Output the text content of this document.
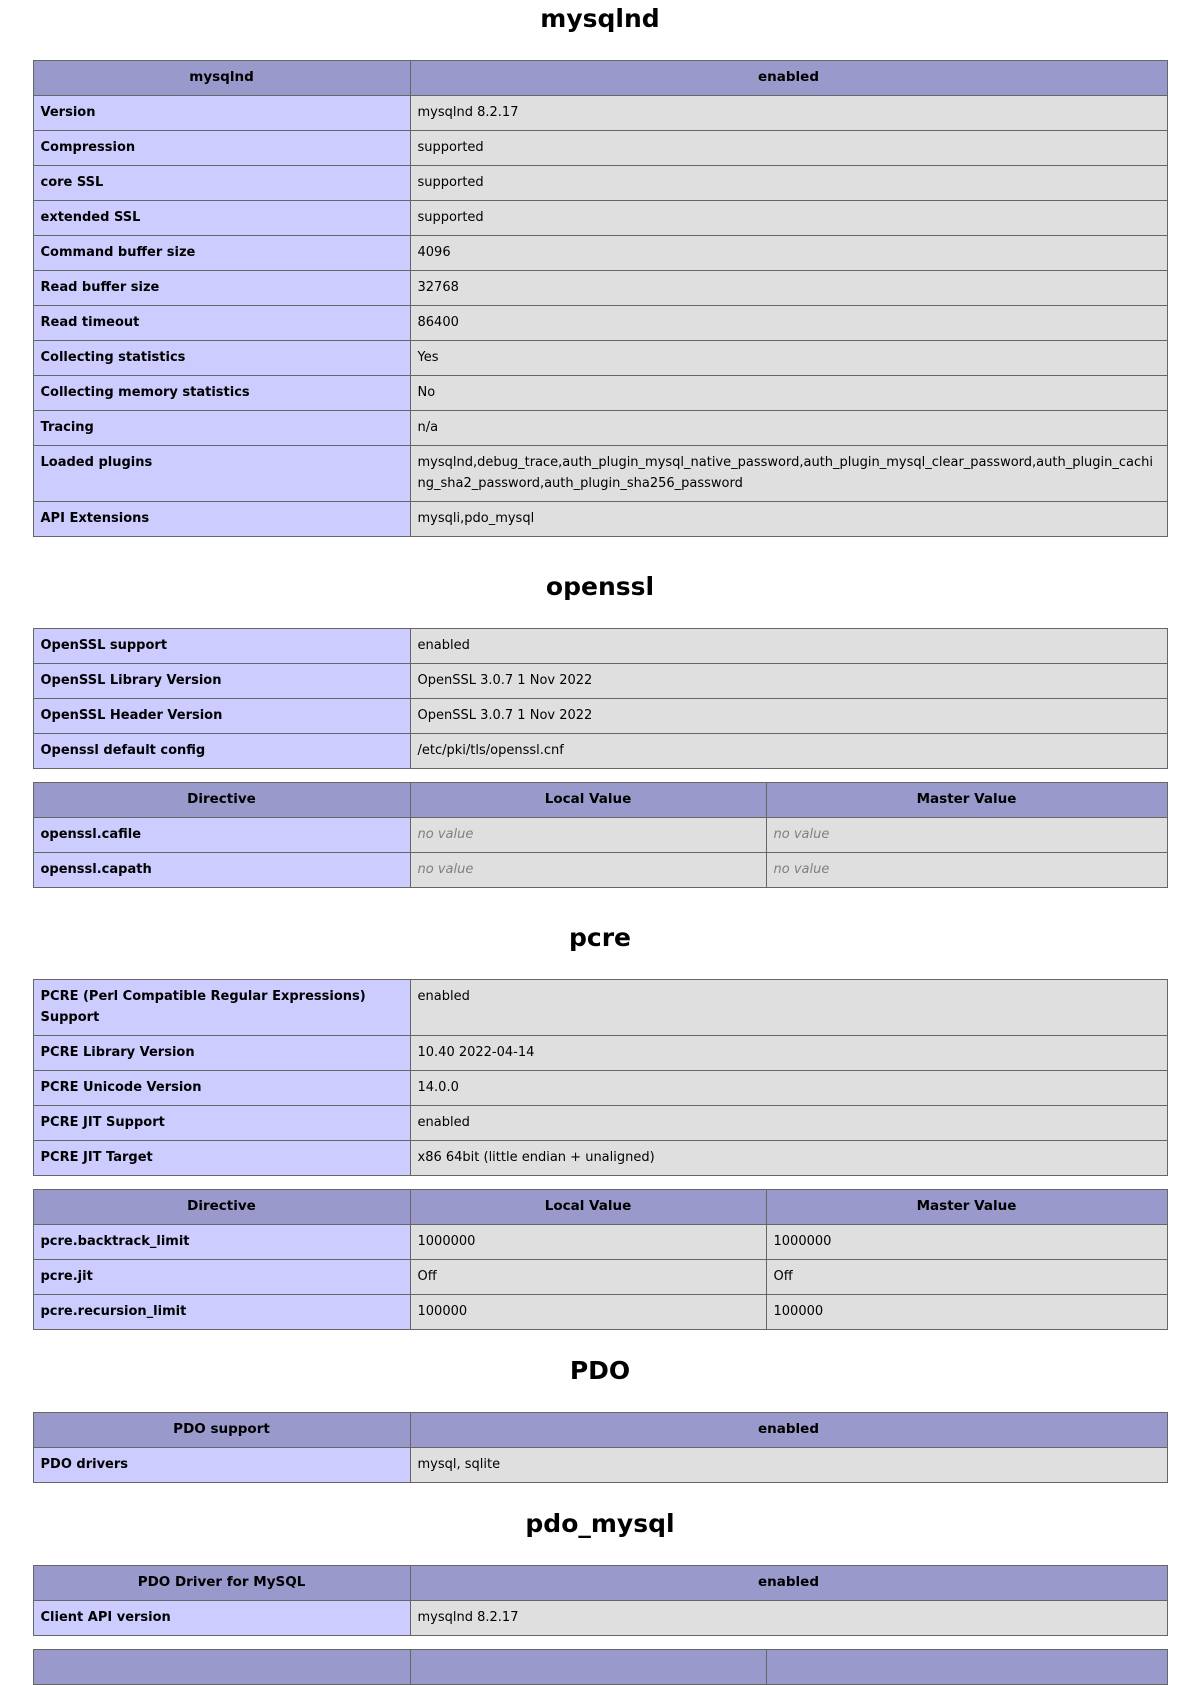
mysqlnd
mysqlnd	enabled
Version	mysqlnd 8.2.17
Compression	supported
core SSL	supported
extended SSL	supported
Command buffer size	4096
Read buffer size	32768
Read timeout	86400
Collecting statistics	Yes
Collecting memory statistics	No
Tracing	n/a
Loaded plugins	mysqlnd,debug_trace,auth_plugin_mysql_native_password,auth_plugin_mysql_clear_password,auth_plugin_caching_sha2_password,auth_plugin_sha256_password
API Extensions	mysqli,pdo_mysql
openssl
OpenSSL support	enabled
OpenSSL Library Version	OpenSSL 3.0.7 1 Nov 2022
OpenSSL Header Version	OpenSSL 3.0.7 1 Nov 2022
Openssl default config	/etc/pki/tls/openssl.cnf
Directive	Local Value	Master Value
openssl.cafile	no value	no value
openssl.capath	no value	no value
pcre
PCRE (Perl Compatible Regular Expressions) Support	enabled
PCRE Library Version	10.40 2022-04-14
PCRE Unicode Version	14.0.0
PCRE JIT Support	enabled
PCRE JIT Target	x86 64bit (little endian + unaligned)
Directive	Local Value	Master Value
pcre.backtrack_limit	1000000	1000000
pcre.jit	Off	Off
pcre.recursion_limit	100000	100000
PDO
PDO support	enabled
PDO drivers	mysql, sqlite
pdo_mysql
PDO Driver for MySQL	enabled
Client API version	mysqlnd 8.2.17
